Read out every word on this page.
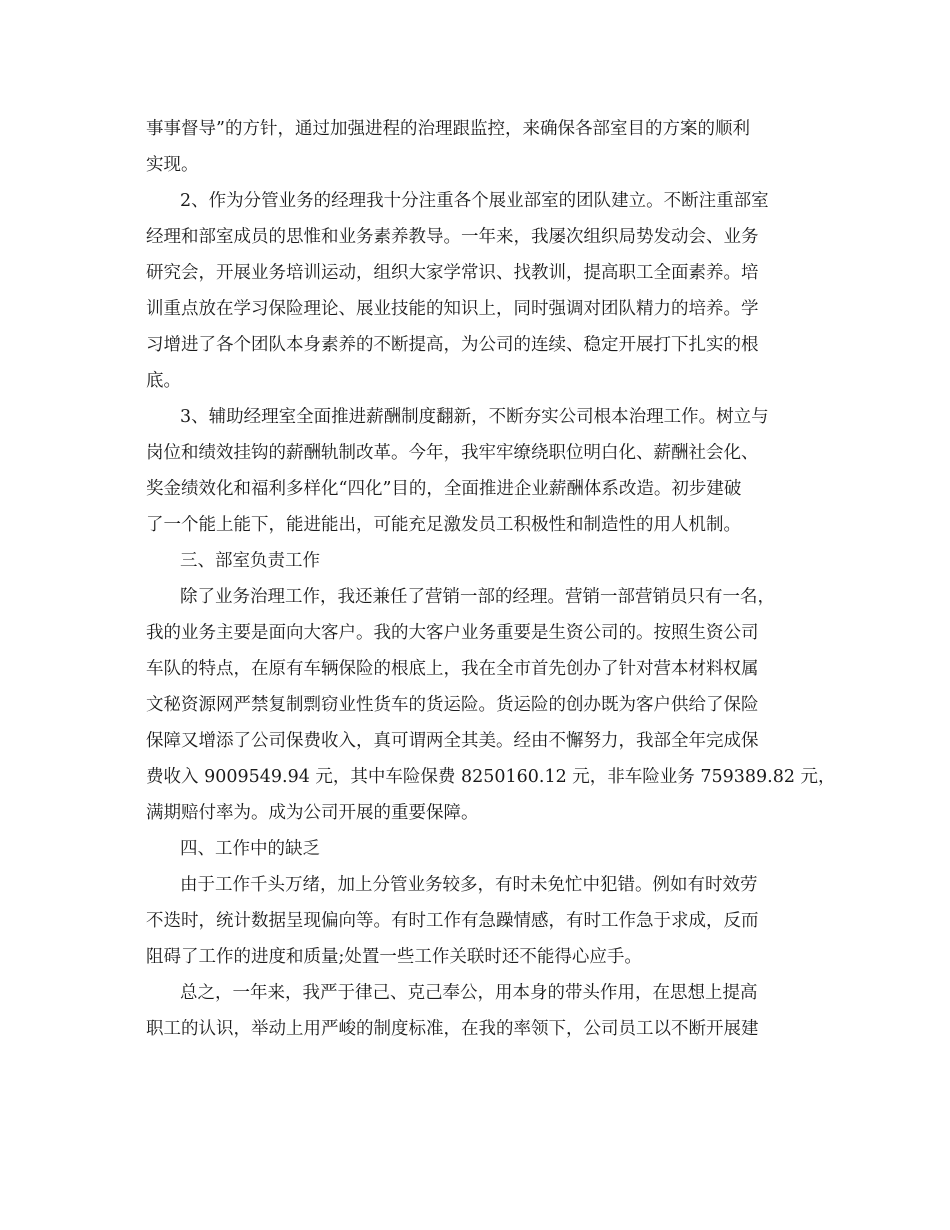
事事督导”的方针，通过加强进程的治理跟监控，来确保各部室目的方案的顺利
实现。
2、作为分管业务的经理我十分注重各个展业部室的团队建立。不断注重部室
经理和部室成员的思惟和业务素养教导。一年来，我屡次组织局势发动会、业务
研究会，开展业务培训运动，组织大家学常识、找教训，提高职工全面素养。培
训重点放在学习保险理论、展业技能的知识上，同时强调对团队精力的培养。学
习增进了各个团队本身素养的不断提高，为公司的连续、稳定开展打下扎实的根
底。
3、辅助经理室全面推进薪酬制度翻新，不断夯实公司根本治理工作。树立与
岗位和绩效挂钩的薪酬轨制改革。今年，我牢牢缭绕职位明白化、薪酬社会化、
奖金绩效化和福利多样化“四化”目的，全面推进企业薪酬体系改造。初步建破
了一个能上能下，能进能出，可能充足激发员工积极性和制造性的用人机制。
三、部室负责工作
除了业务治理工作，我还兼任了营销一部的经理。营销一部营销员只有一名，
我的业务主要是面向大客户。我的大客户业务重要是生资公司的。按照生资公司
车队的特点，在原有车辆保险的根底上，我在全市首先创办了针对营本材料权属
文秘资源网严禁复制剽窃业性货车的货运险。货运险的创办既为客户供给了保险
保障又增添了公司保费收入，真可谓两全其美。经由不懈努力，我部全年完成保
费收入 9009549.94 元，其中车险保费 8250160.12 元，非车险业务 759389.82 元，
满期赔付率为。成为公司开展的重要保障。
四、工作中的缺乏
由于工作千头万绪，加上分管业务较多，有时未免忙中犯错。例如有时效劳
不迭时，统计数据呈现偏向等。有时工作有急躁情感，有时工作急于求成，反而
阻碍了工作的进度和质量;处置一些工作关联时还不能得心应手。
总之，一年来，我严于律己、克己奉公，用本身的带头作用，在思想上提高
职工的认识，举动上用严峻的制度标准，在我的率领下，公司员工以不断开展建
